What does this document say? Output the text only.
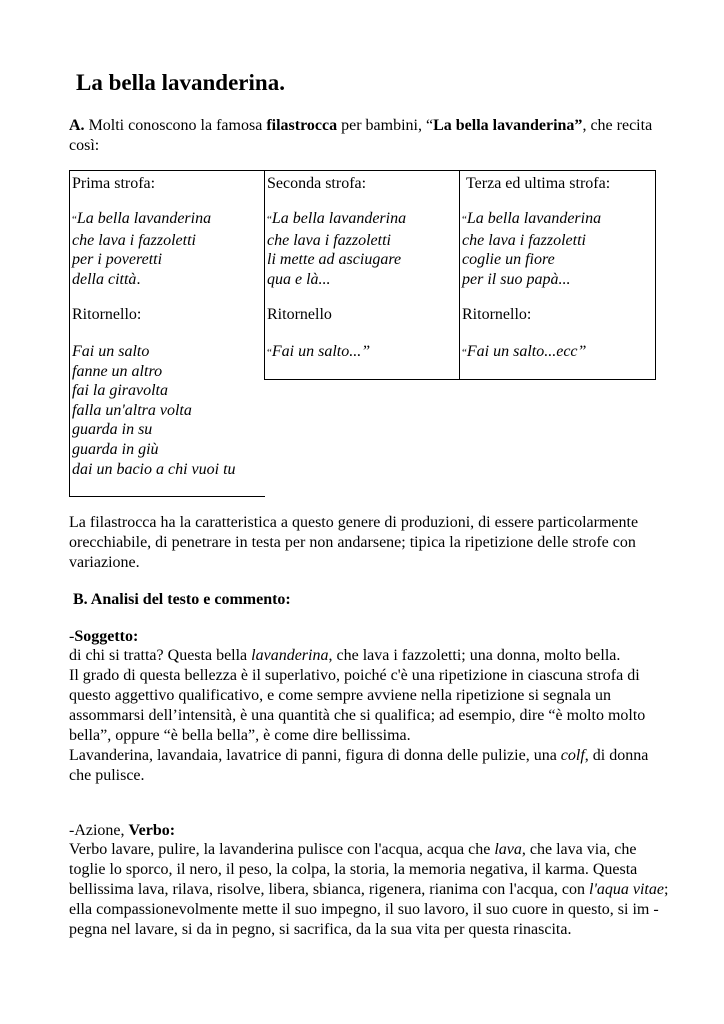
La bella lavanderina.

A. Molti conoscono la famosa filastrocca per bambini, “La bella lavanderina”, che recita così:

Prima strofa:
“La bella lavanderina
che lava i fazzoletti
per i poveretti
della città.
Ritornello:
Fai un salto
fanne un altro
fai la giravolta
falla un'altra volta
guarda in su
guarda in giù
dai un bacio a chi vuoi tu
Seconda strofa:
“La bella lavanderina
che lava i fazzoletti
li mette ad asciugare
qua e là...
Ritornello
“Fai un salto...”
Terza ed ultima strofa:
“La bella lavanderina
che lava i fazzoletti
coglie un fiore
per il suo papà...
Ritornello:
“Fai un salto...ecc”

La filastrocca ha la caratteristica a questo genere di produzioni, di essere particolarmente orecchiabile, di penetrare in testa per non andarsene; tipica la ripetizione delle strofe con variazione.

B. Analisi del testo e commento:

-Soggetto:

di chi si tratta? Questa bella lavanderina, che lava i fazzoletti; una donna, molto bella.
Il grado di questa bellezza è il superlativo, poiché c'è una ripetizione in ciascuna strofa di questo aggettivo qualificativo, e come sempre avviene nella ripetizione si segnala un assommarsi dell’intensità, è una quantità che si qualifica; ad esempio, dire “è molto molto bella”, oppure “è bella bella”, è come dire bellissima.
Lavanderina, lavandaia, lavatrice di panni, figura di donna delle pulizie, una colf, di donna che pulisce.

-Azione, Verbo:

Verbo lavare, pulire, la lavanderina pulisce con l'acqua, acqua che lava, che lava via, che toglie lo sporco, il nero, il peso, la colpa, la storia, la memoria negativa, il karma. Questa bellissima lava, rilava, risolve, libera, sbianca, rigenera, rianima con l'acqua, con l'aqua vitae; ella compassionevolmente mette il suo impegno, il suo lavoro, il suo cuore in questo, si im - pegna nel lavare, si da in pegno, si sacrifica, da la sua vita per questa rinascita.
